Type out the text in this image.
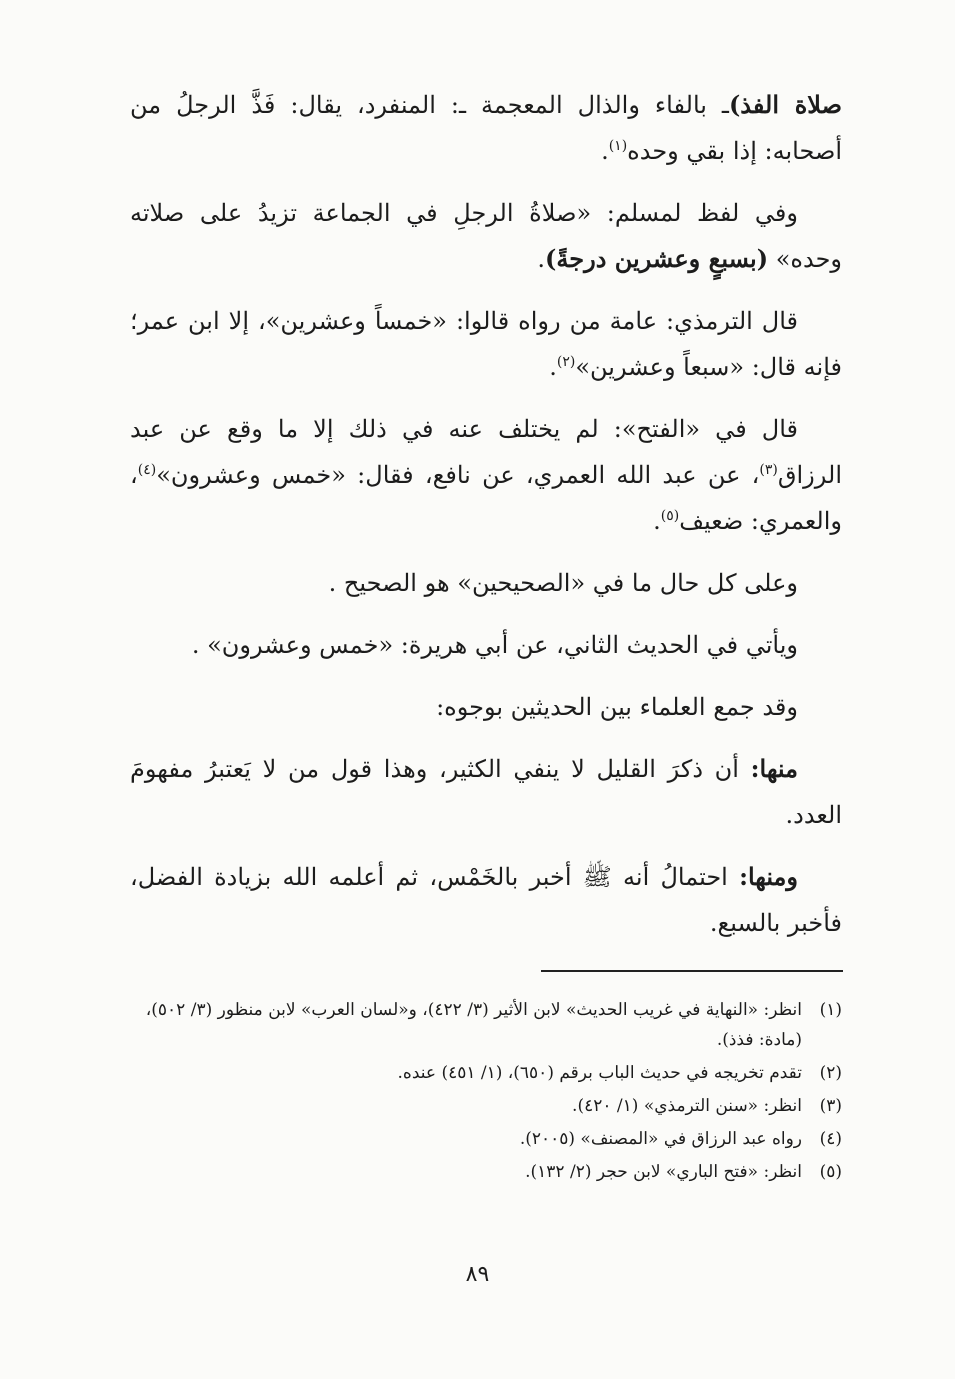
صلاة الفذ)ـ بالفاء والذال المعجمة ـ: المنفرد، يقال: فَذَّ الرجلُ من أصحابه: إذا بقي وحده$^{(١)}$.

وفي لفظ لمسلم: «صلاةُ الرجلِ في الجماعة تزيدُ على صلاته وحده» (بسبعٍ وعشرين درجةً).

قال الترمذي: عامة من رواه قالوا: «خمساً وعشرين»، إلا ابن عمر؛ فإنه قال: «سبعاً وعشرين»$^{(٢)}$.

قال في «الفتح»: لم يختلف عنه في ذلك إلا ما وقع عن عبد الرزاق$^{(٣)}$، عن عبد الله العمري، عن نافع، فقال: «خمس وعشرون»$^{(٤)}$، والعمري: ضعيف$^{(٥)}$.

وعلى كل حال ما في «الصحيحين» هو الصحيح .

ويأتي في الحديث الثاني، عن أبي هريرة: «خمس وعشرون» .

وقد جمع العلماء بين الحديثين بوجوه:

منها: أن ذكرَ القليل لا ينفي الكثير، وهذا قول من لا يَعتبرُ مفهومَ العدد.

ومنها: احتمالُ أنه ﷺ أخبر بالخَمْس، ثم أعلمه الله بزيادة الفضل، فأخبر بالسبع.

(١)
انظر: «النهاية في غريب الحديث» لابن الأثير (٣/ ٤٢٢)، و«لسان العرب» لابن منظور (٣/ ٥٠٢)، (مادة: فذذ).
(٢)
تقدم تخريجه في حديث الباب برقم (٦٥٠)، (١/ ٤٥١) عنده.
(٣)
انظر: «سنن الترمذي» (١/ ٤٢٠).
(٤)
رواه عبد الرزاق في «المصنف» (٢٠٠٥).
(٥)
انظر: «فتح الباري» لابن حجر (٢/ ١٣٢).
٨٩
